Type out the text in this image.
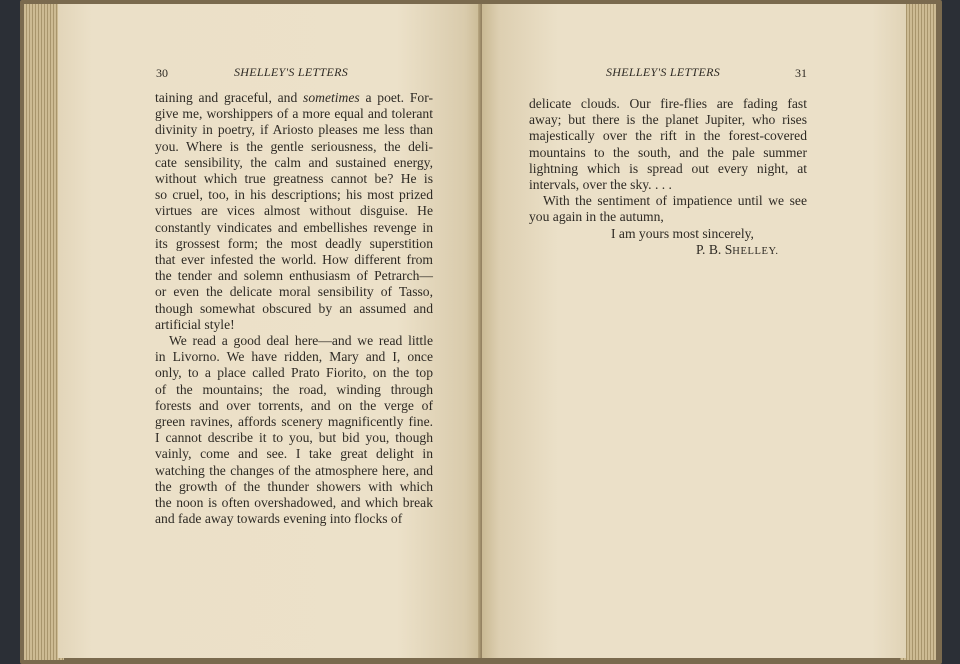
30	SHELLEY'S LETTERS
taining and graceful, and sometimes a poet. For-
give me, worshippers of a more equal and tolerant
divinity in poetry, if Ariosto pleases me less than
you. Where is the gentle seriousness, the deli-
cate sensibility, the calm and sustained energy,
without which true greatness cannot be? He is
so cruel, too, in his descriptions; his most prized
virtues are vices almost without disguise. He
constantly vindicates and embellishes revenge in
its grossest form; the most deadly superstition
that ever infested the world. How different from
the tender and solemn enthusiasm of Petrarch—
or even the delicate moral sensibility of Tasso,
though somewhat obscured by an assumed and
artificial style!
We read a good deal here—and we read little
in Livorno. We have ridden, Mary and I, once
only, to a place called Prato Fiorito, on the top
of the mountains; the road, winding through
forests and over torrents, and on the verge of
green ravines, affords scenery magnificently fine.
I cannot describe it to you, but bid you, though
vainly, come and see. I take great delight in
watching the changes of the atmosphere here, and
the growth of the thunder showers with which
the noon is often overshadowed, and which break
and fade away towards evening into flocks of
SHELLEY'S LETTERS	31
delicate clouds. Our fire-flies are fading fast
away; but there is the planet Jupiter, who rises
majestically over the rift in the forest-covered
mountains to the south, and the pale summer
lightning which is spread out every night, at
intervals, over the sky. . . .
With the sentiment of impatience until we see
you again in the autumn,
I am yours most sincerely,
P. B. SHELLEY.
